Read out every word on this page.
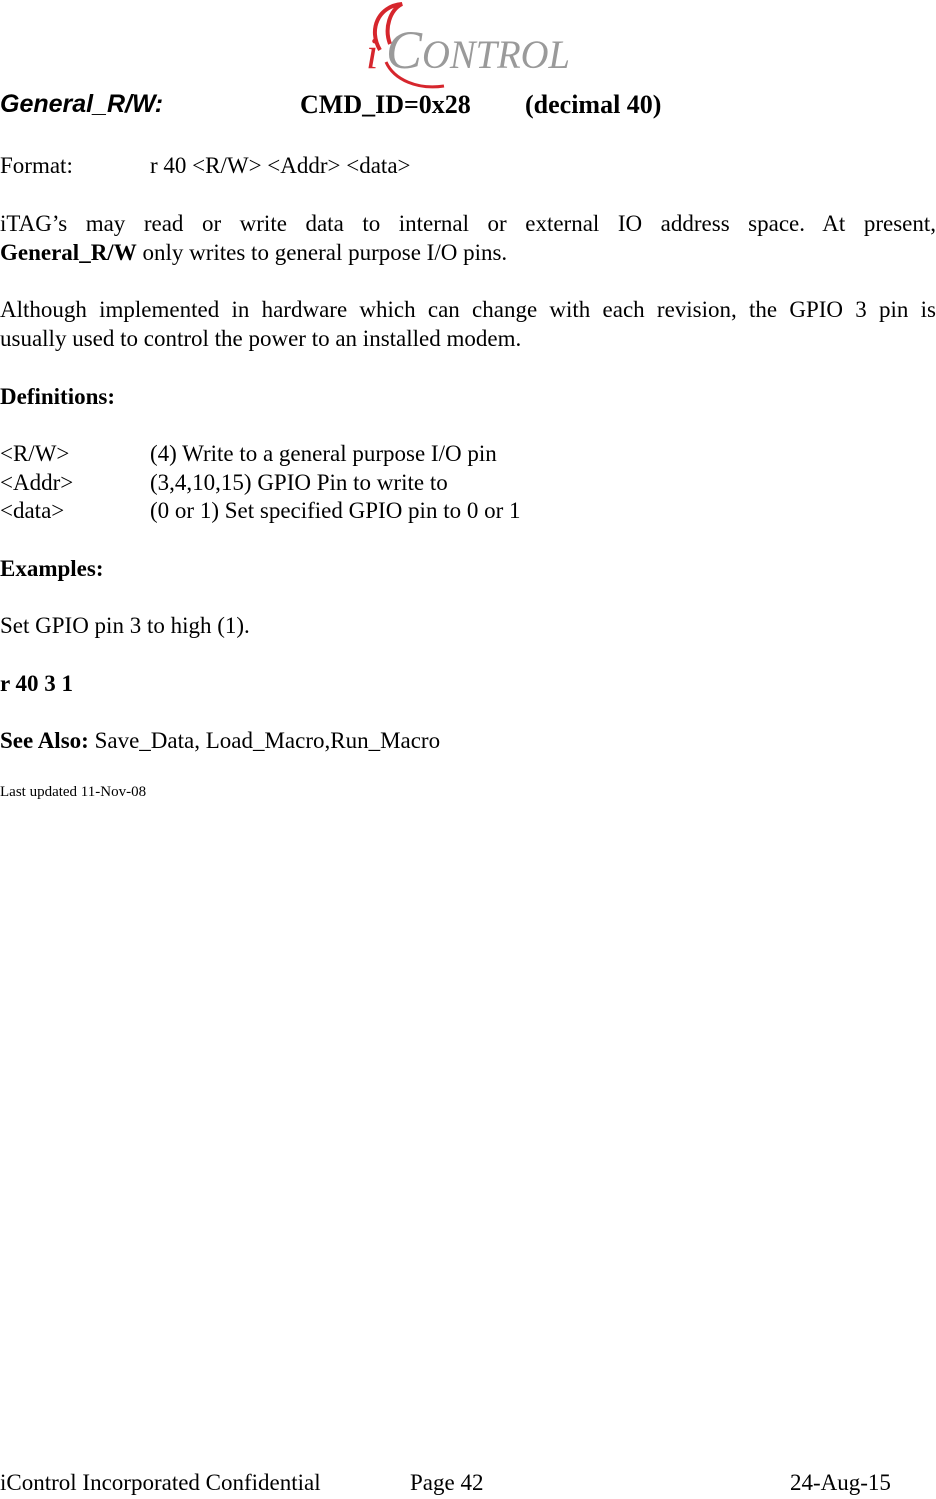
i C ONTROL
General_R/W:	CMD_ID=0x28 (decimal 40)
Format:	r 40 <R/W> <Addr> <data>
iTAG’s may read or write data to internal or external IO address space. At present,
General_R/W only writes to general purpose I/O pins.
Although implemented in hardware which can change with each revision, the GPIO 3 pin is
usually used to control the power to an installed modem.
Definitions:
<R/W>	(4) Write to a general purpose I/O pin
<Addr>	(3,4,10,15) GPIO Pin to write to
<data>	(0 or 1) Set specified GPIO pin to 0 or 1
Examples:
Set GPIO pin 3 to high (1).
r 40 3 1
See Also: Save_Data, Load_Macro,Run_Macro
Last updated 11-Nov-08
iControl Incorporated Confidential	Page 42	24-Aug-15
